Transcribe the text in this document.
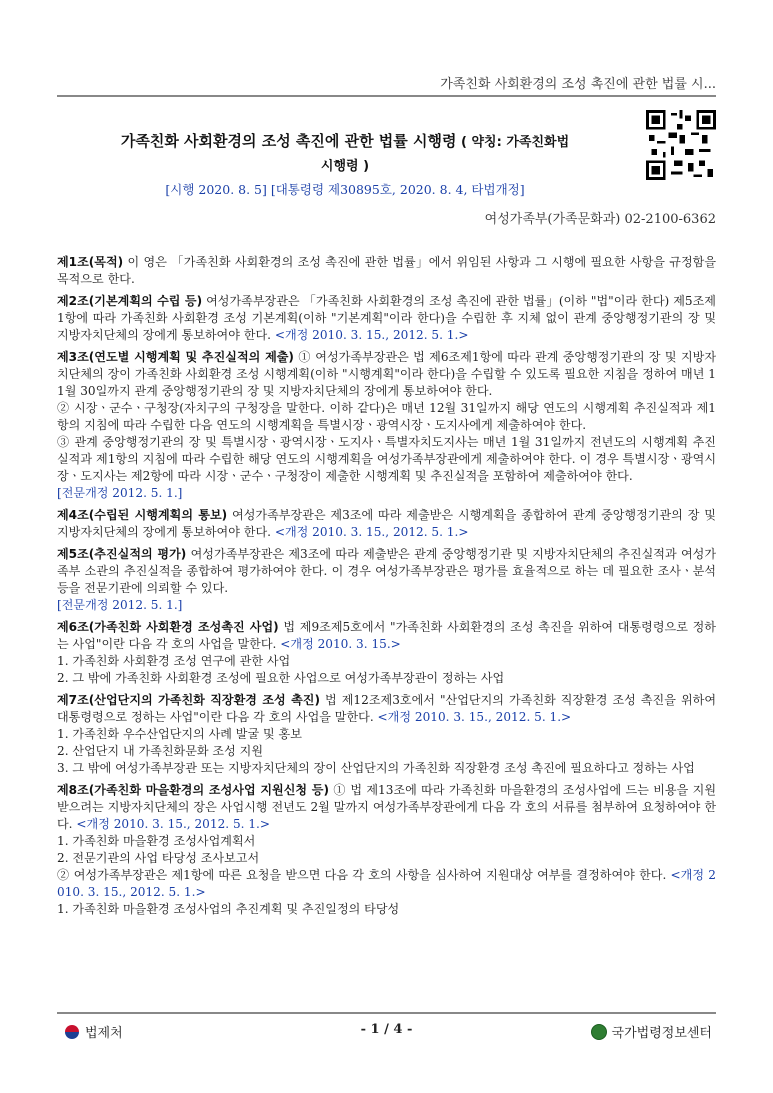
가족친화 사회환경의 조성 촉진에 관한 법률 시...
가족친화 사회환경의 조성 촉진에 관한 법률 시행령 ( 약칭: 가족친화법
시행령 )
[시행 2020. 8. 5] [대통령령 제30895호, 2020. 8. 4, 타법개정]
여성가족부(가족문화과) 02-2100-6362

제1조(목적) 이 영은 「가족친화 사회환경의 조성 촉진에 관한 법률」에서 위임된 사항과 그 시행에 필요한 사항을 규정함을 목적으로 한다.

제2조(기본계획의 수립 등) 여성가족부장관은 「가족친화 사회환경의 조성 촉진에 관한 법률」(이하 "법"이라 한다) 제5조제1항에 따라 가족친화 사회환경 조성 기본계획(이하 "기본계획"이라 한다)을 수립한 후 지체 없이 관계 중앙행정기관의 장 및 지방자치단체의 장에게 통보하여야 한다. <개정 2010. 3. 15., 2012. 5. 1.>

제3조(연도별 시행계획 및 추진실적의 제출) ① 여성가족부장관은 법 제6조제1항에 따라 관계 중앙행정기관의 장 및 지방자치단체의 장이 가족친화 사회환경 조성 시행계획(이하 "시행계획"이라 한다)을 수립할 수 있도록 필요한 지침을 정하여 매년 11월 30일까지 관계 중앙행정기관의 장 및 지방자치단체의 장에게 통보하여야 한다.

② 시장ㆍ군수ㆍ구청장(자치구의 구청장을 말한다. 이하 같다)은 매년 12월 31일까지 해당 연도의 시행계획 추진실적과 제1항의 지침에 따라 수립한 다음 연도의 시행계획을 특별시장ㆍ광역시장ㆍ도지사에게 제출하여야 한다.

③ 관계 중앙행정기관의 장 및 특별시장ㆍ광역시장ㆍ도지사ㆍ특별자치도지사는 매년 1월 31일까지 전년도의 시행계획 추진실적과 제1항의 지침에 따라 수립한 해당 연도의 시행계획을 여성가족부장관에게 제출하여야 한다. 이 경우 특별시장ㆍ광역시장ㆍ도지사는 제2항에 따라 시장ㆍ군수ㆍ구청장이 제출한 시행계획 및 추진실적을 포함하여 제출하여야 한다.

[전문개정 2012. 5. 1.]

제4조(수립된 시행계획의 통보) 여성가족부장관은 제3조에 따라 제출받은 시행계획을 종합하여 관계 중앙행정기관의 장 및 지방자치단체의 장에게 통보하여야 한다. <개정 2010. 3. 15., 2012. 5. 1.>

제5조(추진실적의 평가) 여성가족부장관은 제3조에 따라 제출받은 관계 중앙행정기관 및 지방자치단체의 추진실적과 여성가족부 소관의 추진실적을 종합하여 평가하여야 한다. 이 경우 여성가족부장관은 평가를 효율적으로 하는 데 필요한 조사ㆍ분석 등을 전문기관에 의뢰할 수 있다.

[전문개정 2012. 5. 1.]

제6조(가족친화 사회환경 조성촉진 사업) 법 제9조제5호에서 "가족친화 사회환경의 조성 촉진을 위하여 대통령령으로 정하는 사업"이란 다음 각 호의 사업을 말한다. <개정 2010. 3. 15.>

1. 가족친화 사회환경 조성 연구에 관한 사업

2. 그 밖에 가족친화 사회환경 조성에 필요한 사업으로 여성가족부장관이 정하는 사업

제7조(산업단지의 가족친화 직장환경 조성 촉진) 법 제12조제3호에서 "산업단지의 가족친화 직장환경 조성 촉진을 위하여 대통령령으로 정하는 사업"이란 다음 각 호의 사업을 말한다. <개정 2010. 3. 15., 2012. 5. 1.>

1. 가족친화 우수산업단지의 사례 발굴 및 홍보

2. 산업단지 내 가족친화문화 조성 지원

3. 그 밖에 여성가족부장관 또는 지방자치단체의 장이 산업단지의 가족친화 직장환경 조성 촉진에 필요하다고 정하는 사업

제8조(가족친화 마을환경의 조성사업 지원신청 등) ① 법 제13조에 따라 가족친화 마을환경의 조성사업에 드는 비용을 지원받으려는 지방자치단체의 장은 사업시행 전년도 2월 말까지 여성가족부장관에게 다음 각 호의 서류를 첨부하여 요청하여야 한다. <개정 2010. 3. 15., 2012. 5. 1.>

1. 가족친화 마을환경 조성사업계획서

2. 전문기관의 사업 타당성 조사보고서

② 여성가족부장관은 제1항에 따른 요청을 받으면 다음 각 호의 사항을 심사하여 지원대상 여부를 결정하여야 한다. <개정 2010. 3. 15., 2012. 5. 1.>

1. 가족친화 마을환경 조성사업의 추진계획 및 추진일정의 타당성

법제처	- 1 / 4 -	국가법령정보센터
